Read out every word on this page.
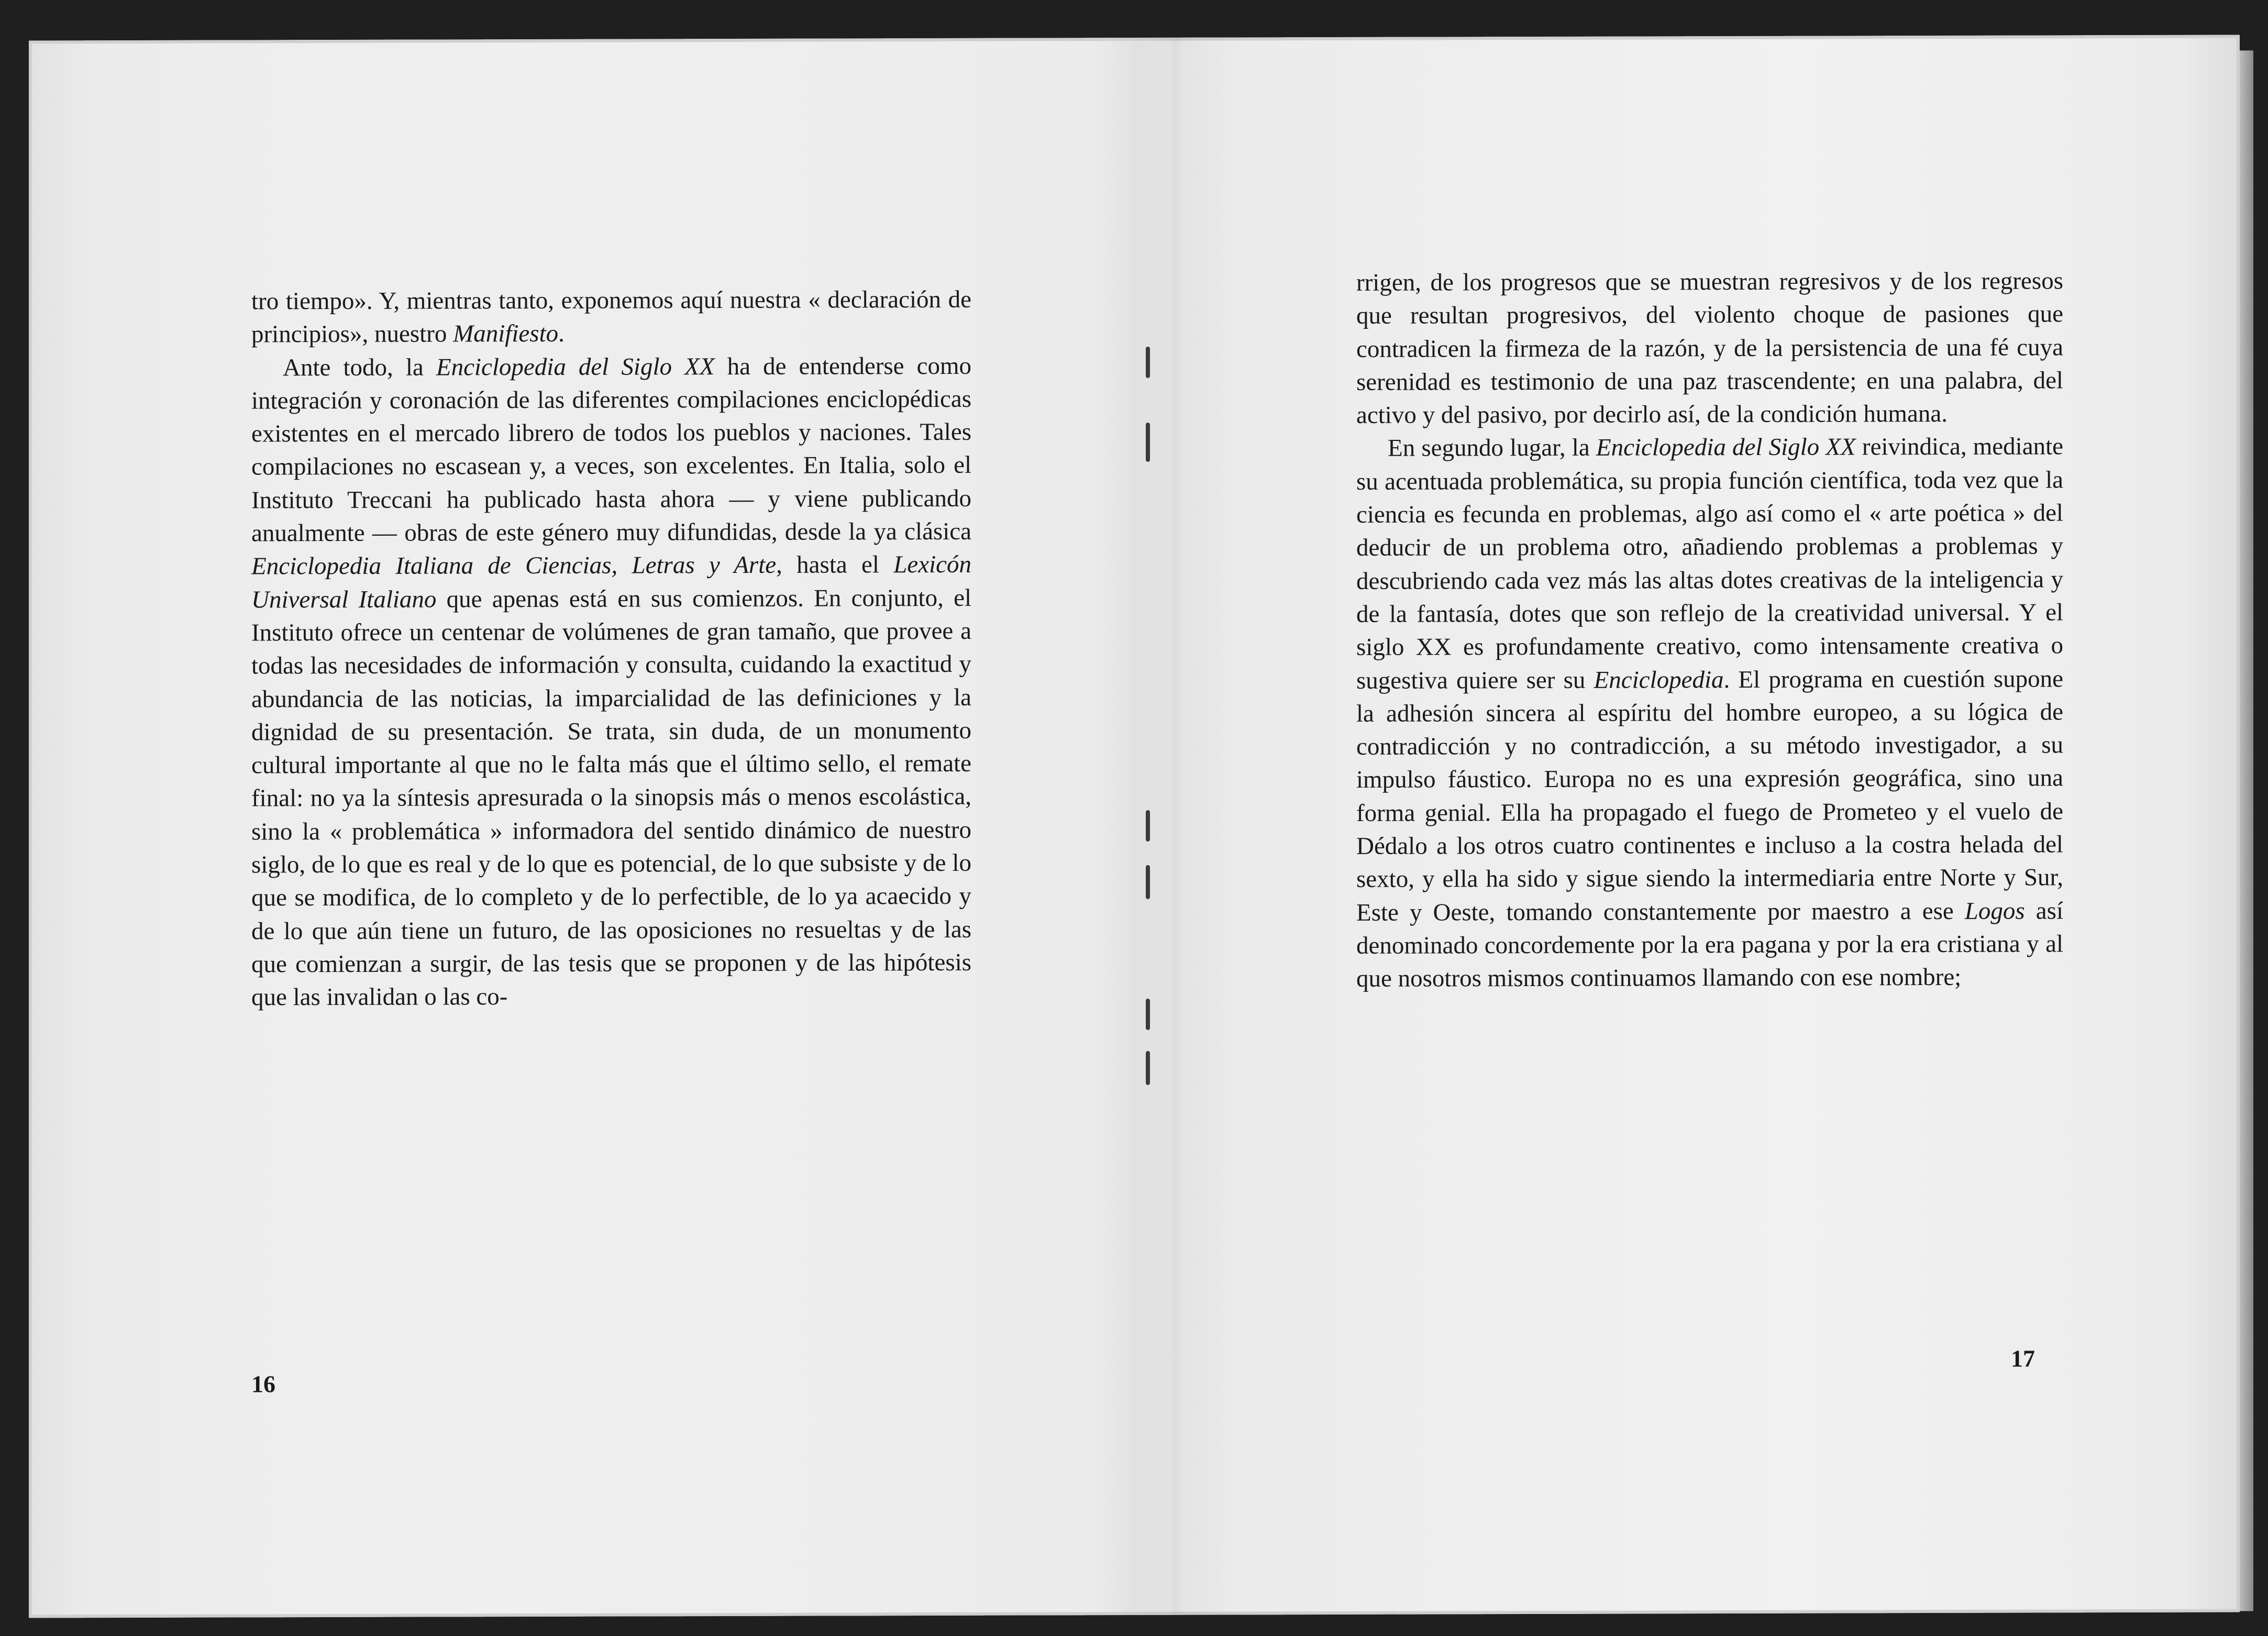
tro tiempo». Y, mientras tanto, exponemos aquí nuestra « declaración de principios», nuestro Manifiesto.

Ante todo, la Enciclopedia del Siglo XX ha de entenderse como integración y coronación de las diferentes compilaciones enciclopédicas existentes en el mercado librero de todos los pueblos y naciones. Tales compilaciones no escasean y, a veces, son excelentes. En Italia, solo el Instituto Treccani ha publicado hasta ahora — y viene publicando anualmente — obras de este género muy difundidas, desde la ya clásica Enciclopedia Italiana de Ciencias, Letras y Arte, hasta el Lexicón Universal Italiano que apenas está en sus comienzos. En conjunto, el Instituto ofrece un centenar de volúmenes de gran tamaño, que provee a todas las necesidades de información y consulta, cuidando la exactitud y abundancia de las noticias, la imparcialidad de las definiciones y la dignidad de su presentación. Se trata, sin duda, de un monumento cultural importante al que no le falta más que el último sello, el remate final: no ya la síntesis apresurada o la sinopsis más o menos escolástica, sino la « problemática » informadora del sentido dinámico de nuestro siglo, de lo que es real y de lo que es potencial, de lo que subsiste y de lo que se modifica, de lo completo y de lo perfectible, de lo ya acaecido y de lo que aún tiene un futuro, de las oposiciones no resueltas y de las que comienzan a surgir, de las tesis que se proponen y de las hipótesis que las invalidan o las co-

16

rrigen, de los progresos que se muestran regresivos y de los regresos que resultan progresivos, del violento choque de pasiones que contradicen la firmeza de la razón, y de la persistencia de una fé cuya serenidad es testimonio de una paz trascendente; en una palabra, del activo y del pasivo, por decirlo así, de la condición humana.

En segundo lugar, la Enciclopedia del Siglo XX reivindica, mediante su acentuada problemática, su propia función científica, toda vez que la ciencia es fecunda en problemas, algo así como el « arte poética » del deducir de un problema otro, añadiendo problemas a problemas y descubriendo cada vez más las altas dotes creativas de la inteligencia y de la fantasía, dotes que son reflejo de la creatividad universal. Y el siglo XX es profundamente creativo, como intensamente creativa o sugestiva quiere ser su Enciclopedia. El programa en cuestión supone la adhesión sincera al espíritu del hombre europeo, a su lógica de contradicción y no contradicción, a su método investigador, a su impulso fáustico. Europa no es una expresión geográfica, sino una forma genial. Ella ha propagado el fuego de Prometeo y el vuelo de Dédalo a los otros cuatro continentes e incluso a la costra helada del sexto, y ella ha sido y sigue siendo la intermediaria entre Norte y Sur, Este y Oeste, tomando constantemente por maestro a ese Logos así denominado concordemente por la era pagana y por la era cristiana y al que nosotros mismos continuamos llamando con ese nombre;

17
